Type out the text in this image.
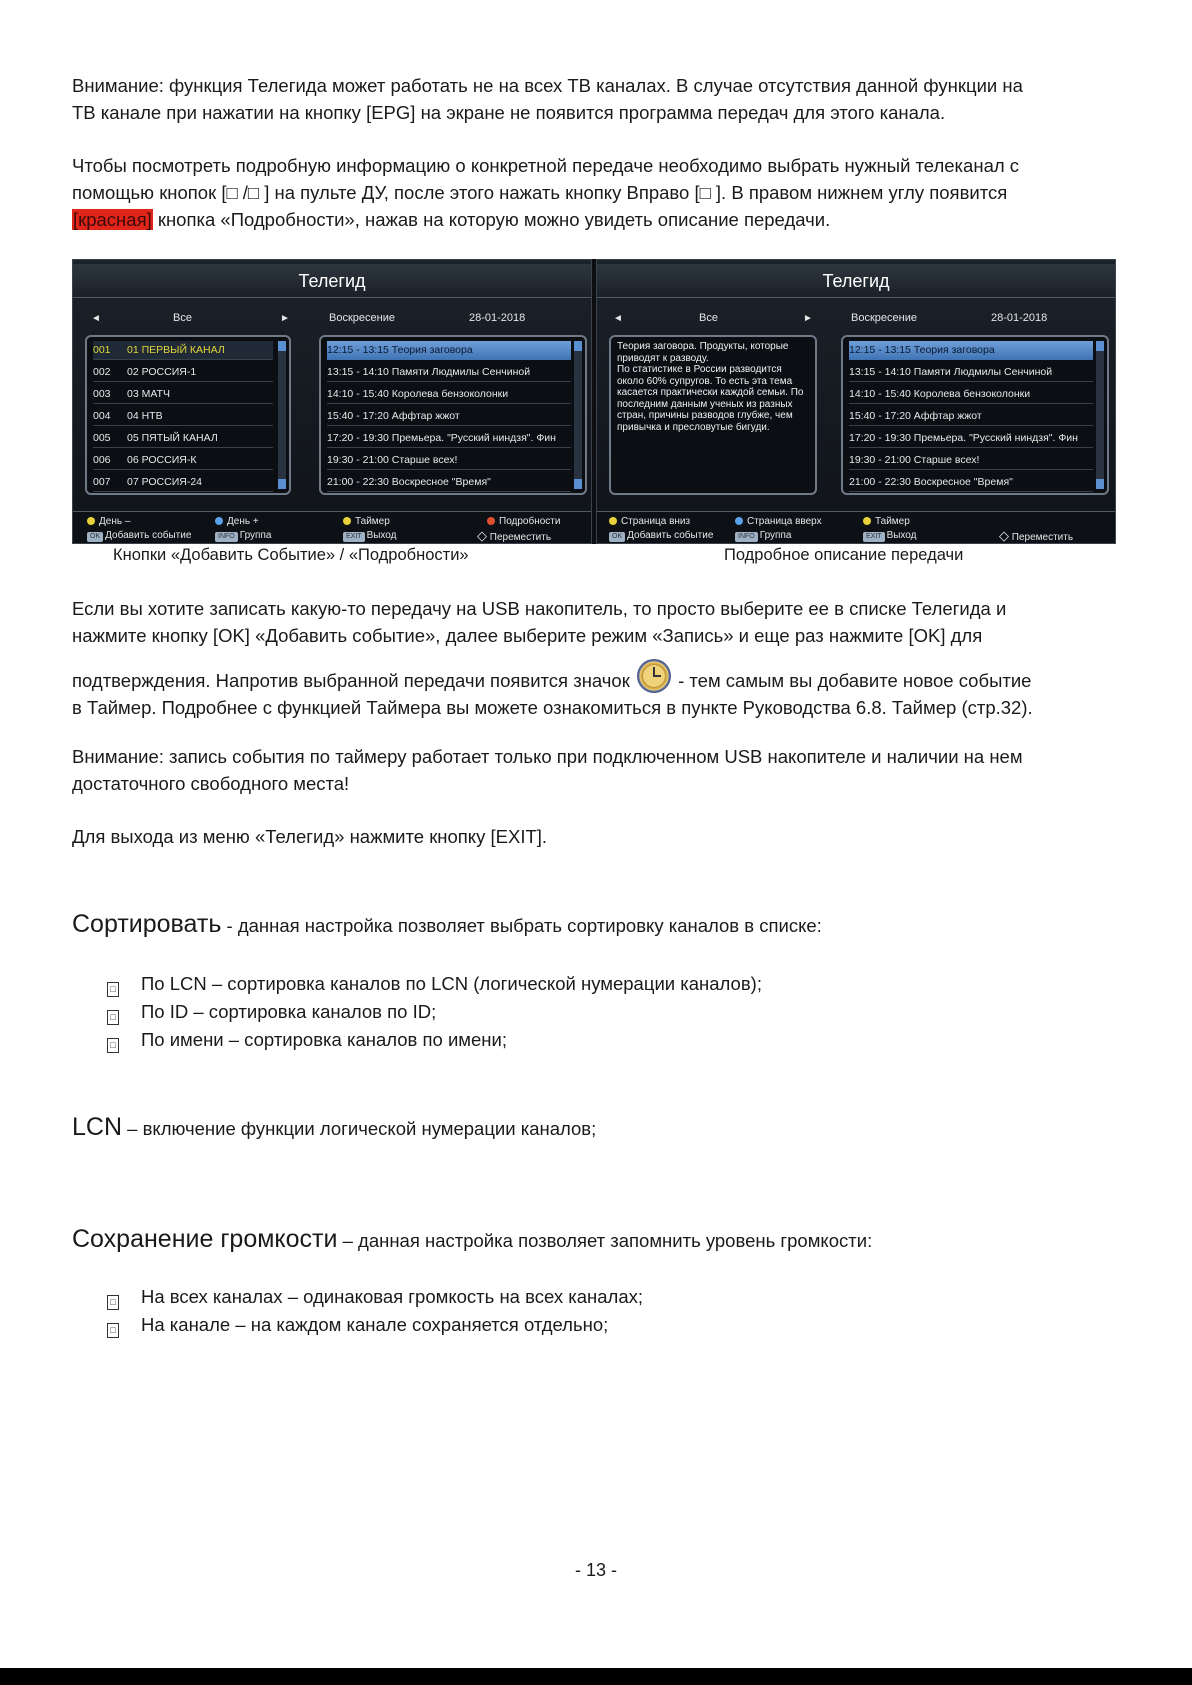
Внимание: функция Телегида может работать не на всех ТВ каналах. В случае отсутствия данной функции на
ТВ канале при нажатии на кнопку [EPG] на экране не появится программа передач для этого канала.
Чтобы посмотреть подробную информацию о конкретной передаче необходимо выбрать нужный телеканал с
помощью кнопок [□ /□ ] на пульте ДУ, после этого нажать кнопку Вправо [□ ]. В правом нижнем углу появится
[красная] кнопка «Подробности», нажав на которую можно увидеть описание передачи.
Телегид
◄	Все	►	Воскресение	28-01-2018
001 01 ПЕРВЫЙ КАНАЛ
002 02 РОССИЯ-1
003 03 МАТЧ
004 04 НТВ
005 05 ПЯТЫЙ КАНАЛ
006 06 РОССИЯ-К
007 07 РОССИЯ-24
12:15 - 13:15 Теория заговора
13:15 - 14:10 Памяти Людмилы Сенчиной
14:10 - 15:40 Королева бензоколонки
15:40 - 17:20 Аффтар жжот
17:20 - 19:30 Премьера. "Русский ниндзя". Фин
19:30 - 21:00 Старше всех!
21:00 - 22:30 Воскресное "Время"
День –	День +	Таймер	Подробности
OK Добавить событие	INFO Группа	EXIT Выход	◇ Переместить
Телегид
◄	Все	►	Воскресение	28-01-2018
Теория заговора. Продукты, которые
приводят к разводу.
По статистике в России разводится
около 60% супругов. То есть эта тема
касается практически каждой семьи. По
последним данным ученых из разных
стран, причины разводов глубже, чем
привычка и пресловутые бигуди.
12:15 - 13:15 Теория заговора
13:15 - 14:10 Памяти Людмилы Сенчиной
14:10 - 15:40 Королева бензоколонки
15:40 - 17:20 Аффтар жжот
17:20 - 19:30 Премьера. "Русский ниндзя". Фин
19:30 - 21:00 Старше всех!
21:00 - 22:30 Воскресное "Время"
Страница вниз	Страница вверх	Таймер
OK Добавить событие	INFO Группа	EXIT Выход	◇ Переместить
Кнопки «Добавить Событие» / «Подробности»	Подробное описание передачи
Если вы хотите записать какую-то передачу на USB накопитель, то просто выберите ее в списке Телегида и
нажмите кнопку [OK] «Добавить событие», далее выберите режим «Запись» и еще раз нажмите [OK] для
подтверждения. Напротив выбранной передачи появится значок  - тем самым вы добавите новое событие
в Таймер. Подробнее с функцией Таймера вы можете ознакомиться в пункте Руководства 6.8. Таймер (стр.32).
Внимание: запись события по таймеру работает только при подключенном USB накопителе и наличии на нем
достаточного свободного места!
Для выхода из меню «Телегид» нажмите кнопку [EXIT].
Сортировать - данная настройка позволяет выбрать сортировку каналов в списке:
□ По LCN – сортировка каналов по LCN (логической нумерации каналов);
□ По ID – сортировка каналов по ID;
□ По имени – сортировка каналов по имени;
LCN – включение функции логической нумерации каналов;
Сохранение громкости – данная настройка позволяет запомнить уровень громкости:
□ На всех каналах – одинаковая громкость на всех каналах;
□ На канале – на каждом канале сохраняется отдельно;
- 13 -
